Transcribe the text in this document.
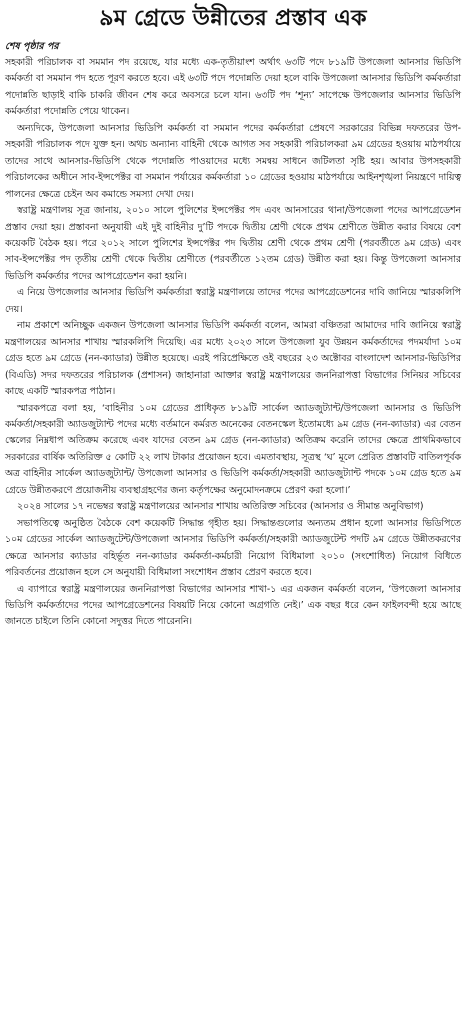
৯ম গ্রেডে উন্নীতের প্রস্তাব এক
শেষ পৃষ্ঠার পর

সহকারী পরিচালক বা সমমান পদ রয়েছে, যার মধ্যে এক-তৃতীয়াংশ অর্থাৎ ৬৩টি পদে ৮১৯টি উপজেলা আনসার ভিডিপি কর্মকর্তা বা সমমান পদ হতে পূরণ করতে হবে। এই ৬৩টি পদে পদোন্নতি দেয়া হলে বাকি উপজেলা আনসার ভিডিপি কর্মকর্তারা পদোন্নতি ছাড়াই বাকি চাকরি জীবন শেষ করে অবসরে চলে যান। ৬৩টি পদ ‘শূন্য’ সাপেক্ষে উপজেলার আনসার ভিডিপি কর্মকর্তারা পদোন্নতি পেয়ে থাকেন।

অন্যদিকে, উপজেলা আনসার ভিডিপি কর্মকর্তা বা সমমান পদের কর্মকর্তারা প্রেষণে সরকারের বিভিন্ন দফতরের উপ-সহকারী পরিচালক পদে যুক্ত হন। অথচ অন্যান্য বাহিনী থেকে আগত সব সহকারী পরিচালকরা ৯ম গ্রেডের হওয়ায় মাঠপর্যায়ে তাদের সাথে আনসার-ভিডিপি থেকে পদোন্নতি পাওয়াদের মধ্যে সমন্বয় সাধনে জটিলতা সৃষ্টি হয়। আবার উপসহকারী পরিচালকের অধীনে সাব-ইন্সপেক্টর বা সমমান পর্যায়ের কর্মকর্তারা ১০ গ্রেডের হওয়ায় মাঠপর্যায়ে আইনশৃঙ্খলা নিয়ন্ত্রণে দায়িত্ব পালনের ক্ষেত্রে চেইন অব কমান্ডে সমস্যা দেখা দেয়।

স্বরাষ্ট্র মন্ত্রণালয় সূত্র জানায়, ২০১০ সালে পুলিশের ইন্সপেক্টর পদ এবং আনসারের থানা/উপজেলা পদের আপগ্রেডেশন প্রস্তাব দেয়া হয়। প্রস্তাবনা অনুযায়ী এই দুই বাহিনীর দু’টি পদকে দ্বিতীয় শ্রেণী থেকে প্রথম শ্রেণীতে উন্নীত করার বিষয়ে বেশ কয়েকটি বৈঠক হয়। পরে ২০১২ সালে পুলিশের ইন্সপেক্টর পদ দ্বিতীয় শ্রেণী থেকে প্রথম শ্রেণী (পরবর্তীতে ৯ম গ্রেড) এবং সাব-ইন্সপেক্টর পদ তৃতীয় শ্রেণী থেকে দ্বিতীয় শ্রেণীতে (পরবর্তীতে ১২তম গ্রেড) উন্নীত করা হয়। কিন্তু উপজেলা আনসার ভিডিপি কর্মকর্তার পদের আপগ্রেডেশন করা হয়নি।

এ নিয়ে উপজেলার আনসার ভিডিপি কর্মকর্তারা স্বরাষ্ট্র মন্ত্রণালয়ে তাদের পদের আপগ্রেডেশনের দাবি জানিয়ে স্মারকলিপি দেয়।

নাম প্রকাশে অনিচ্ছুক একজন উপজেলা আনসার ভিডিপি কর্মকর্তা বলেন, আমরা বঞ্চিতরা আমাদের দাবি জানিয়ে স্বরাষ্ট্র মন্ত্রণালয়ের আনসার শাখায় স্মারকলিপি দিয়েছি। এর মধ্যে ২০২৩ সালে উপজেলা যুব উন্নয়ন কর্মকর্তাদের পদমর্যাদা ১০ম গ্রেড হতে ৯ম গ্রেডে (নন-ক্যাডার) উন্নীত হয়েছে। এরই পরিপ্রেক্ষিতে ওই বছরের ২৩ অক্টোবর বাংলাদেশ আনসার-ভিডিপির (বিএডি) সদর দফতরের পরিচালক (প্রশাসন) জাহানারা আক্তার স্বরাষ্ট্র মন্ত্রণালয়ের জননিরাপত্তা বিভাগের সিনিয়র সচিবের কাছে একটি স্মারকপত্র পাঠান।

স্মারকপত্রে বলা হয়, ‘বাহিনীর ১০ম গ্রেডের প্রাধিকৃত ৮১৯টি সার্কেল অ্যাডজুট্যান্ট/উপজেলা আনসার ও ভিডিপি কর্মকর্তা/সহকারী অ্যাডজুট্যান্ট পদের মধ্যে বর্তমানে কর্মরত অনেকের বেতনস্কেল ইতোমধ্যে ৯ম গ্রেড (নন-ক্যাডার) এর বেতন স্কেলের নিম্নধাপ অতিক্রম করেছে এবং যাদের বেতন ৯ম গ্রেড (নন-ক্যাডার) অতিক্রম করেনি তাদের ক্ষেত্রে প্রাথমিকভাবে সরকারের বার্ষিক অতিরিক্ত ৫ কোটি ২২ লাখ টাকার প্রয়োজন হবে। এমতাবস্থায়, সূত্রস্থ ‘ঘ’ মূলে প্রেরিত প্রস্তাবটি বাতিলপূর্বক অত্র বাহিনীর সার্কেল অ্যাডজুট্যান্ট/ উপজেলা আনসার ও ভিডিপি কর্মকর্তা/সহকারী অ্যাডজুট্যান্ট পদকে ১০ম গ্রেড হতে ৯ম গ্রেডে উন্নীতকরণে প্রয়োজনীয় ব্যবস্থাগ্রহণের জন্য কর্তৃপক্ষের অনুমোদনক্রমে প্রেরণ করা হলো।’

২০২৪ সালের ১৭ নভেম্বর স্বরাষ্ট্র মন্ত্রণালয়ের আনসার শাখায় অতিরিক্ত সচিবের (আনসার ও সীমান্ত অনুবিভাগ)

সভাপতিত্বে অনুষ্ঠিত বৈঠকে বেশ কয়েকটি সিদ্ধান্ত গৃহীত হয়। সিদ্ধান্তগুলোর অন্যতম প্রধান হলো আনসার ভিডিপিতে ১০ম গ্রেডের সার্কেল অ্যাডজুটেন্ট/উপজেলা আনসার ভিডিপি কর্মকর্তা/সহকারী অ্যাডজুটেন্ট পদটি ৯ম গ্রেডে উন্নীতকরণের ক্ষেত্রে আনসার ক্যাডার বহির্ভূত নন-ক্যাডার কর্মকর্তা-কর্মচারী নিয়োগ বিধিমালা ২০১০ (সংশোধিত) নিয়োগ বিধিতে পরিবর্তনের প্রয়োজন হলে সে অনুযায়ী বিধিমালা সংশোধন প্রস্তাব প্রেরণ করতে হবে।

এ ব্যাপারে স্বরাষ্ট্র মন্ত্রণালয়ের জননিরাপত্তা বিভাগের আনসার শাখা-১ এর একজন কর্মকর্তা বলেন, ‘উপজেলা আনসার ভিডিপি কর্মকর্তাদের পদের আপগ্রেডেশনের বিষয়টি নিয়ে কোনো অগ্রগতি নেই।’ এক বছর ধরে কেন ফাইলবন্দী হয়ে আছে জানতে চাইলে তিনি কোনো সদুত্তর দিতে পারেননি।
